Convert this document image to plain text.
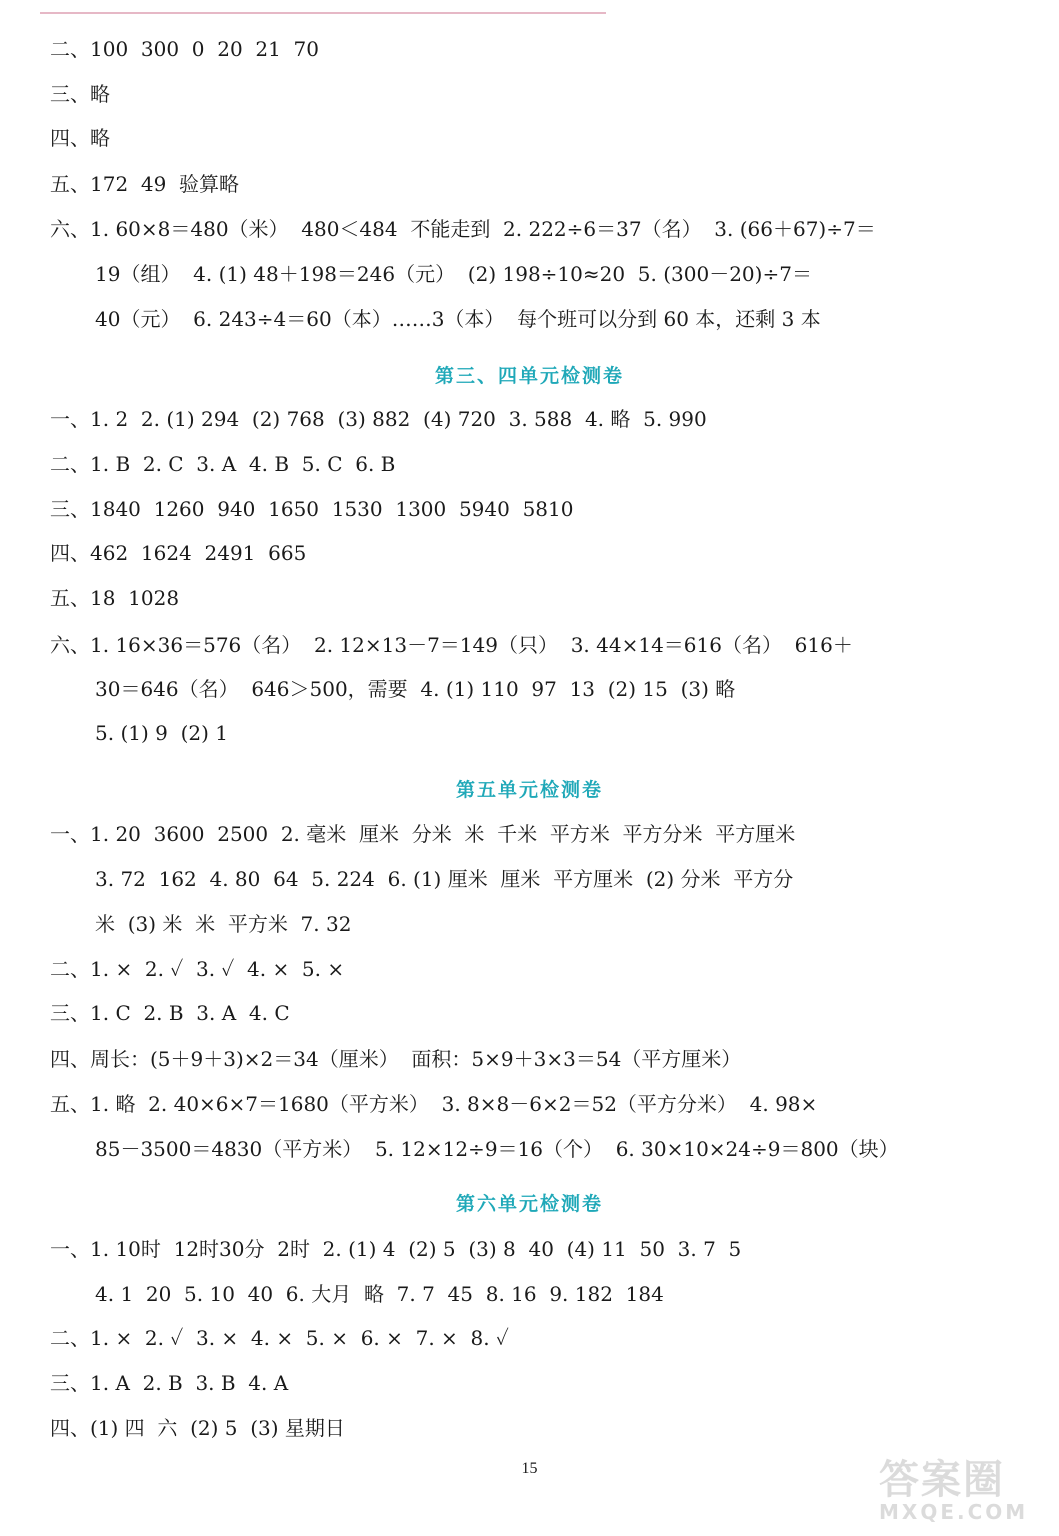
二、100  300  0  20  21  70
三、略
四、略
五、172  49  验算略
六、1. 60×8＝480（米）  480＜484  不能走到  2. 222÷6＝37（名）  3. (66＋67)÷7＝
19（组）  4. (1) 48＋198＝246（元）  (2) 198÷10≈20  5. (300－20)÷7＝
40（元）  6. 243÷4＝60（本）……3（本）  每个班可以分到 60 本，还剩 3 本
第三、四单元检测卷
一、1. 2  2. (1) 294  (2) 768  (3) 882  (4) 720  3. 588  4. 略  5. 990
二、1. B  2. C  3. A  4. B  5. C  6. B
三、1840  1260  940  1650  1530  1300  5940  5810
四、462  1624  2491  665
五、18  1028
六、1. 16×36＝576（名）  2. 12×13－7＝149（只）  3. 44×14＝616（名）  616＋
30＝646（名）  646＞500，需要  4. (1) 110  97  13  (2) 15  (3) 略
5. (1) 9  (2) 1
第五单元检测卷
一、1. 20  3600  2500  2. 毫米  厘米  分米  米  千米  平方米  平方分米  平方厘米
3. 72  162  4. 80  64  5. 224  6. (1) 厘米  厘米  平方厘米  (2) 分米  平方分
米  (3) 米  米  平方米  7. 32
二、1. ×  2. ✓  3. ✓  4. ×  5. ×
三、1. C  2. B  3. A  4. C
四、周长：(5＋9＋3)×2＝34（厘米）  面积：5×9＋3×3＝54（平方厘米）
五、1. 略  2. 40×6×7＝1680（平方米）  3. 8×8－6×2＝52（平方分米）  4. 98×
85－3500＝4830（平方米）  5. 12×12÷9＝16（个）  6. 30×10×24÷9＝800（块）
第六单元检测卷
一、1. 10时  12时30分  2时  2. (1) 4  (2) 5  (3) 8  40  (4) 11  50  3. 7  5
4. 1  20  5. 10  40  6. 大月  略  7. 7  45  8. 16  9. 182  184
二、1. ×  2. ✓  3. ×  4. ×  5. ×  6. ×  7. ×  8. ✓
三、1. A  2. B  3. B  4. A
四、(1) 四  六  (2) 5  (3) 星期日
15	答案圈
MXQE.COM
